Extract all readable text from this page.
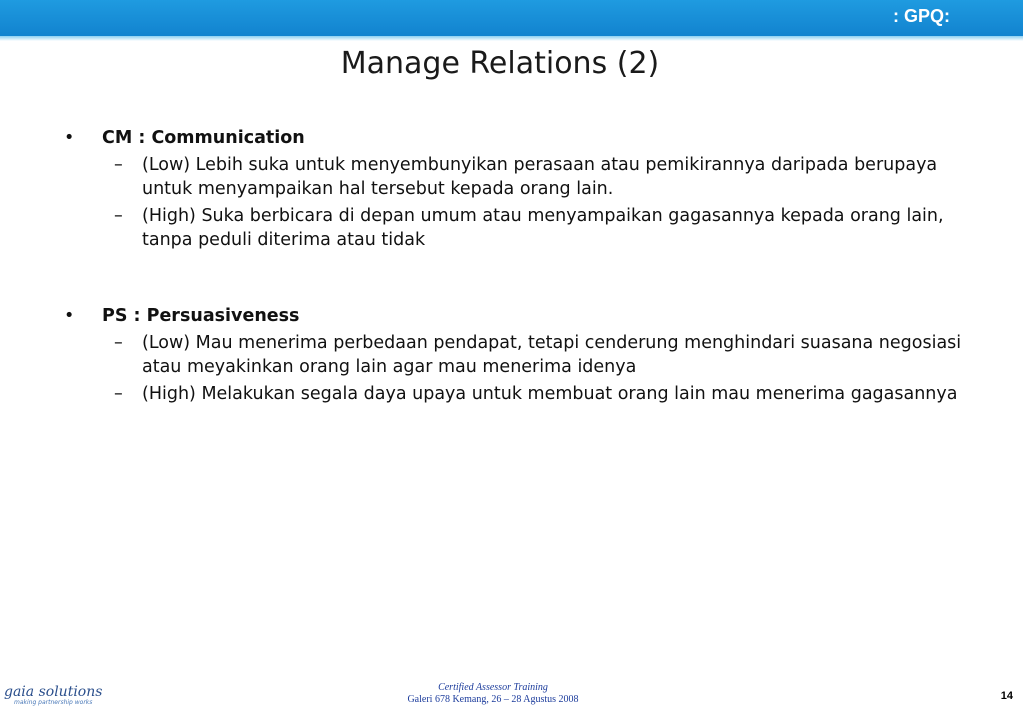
: GPQ:
Manage Relations (2)
• CM : Communication
– (Low) Lebih suka untuk menyembunyikan perasaan atau pemikirannya daripada berupaya untuk menyampaikan hal tersebut kepada orang lain.
– (High) Suka berbicara di depan umum atau menyampaikan gagasannya kepada orang lain, tanpa peduli diterima atau tidak
• PS : Persuasiveness
– (Low) Mau menerima perbedaan pendapat, tetapi cenderung menghindari suasana negosiasi atau meyakinkan orang lain agar mau menerima idenya
– (High) Melakukan segala daya upaya untuk membuat orang lain mau menerima gagasannya
gaia solutions
making partnership works
Certified Assessor Training
Galeri 678 Kemang, 26 – 28 Agustus 2008	14
